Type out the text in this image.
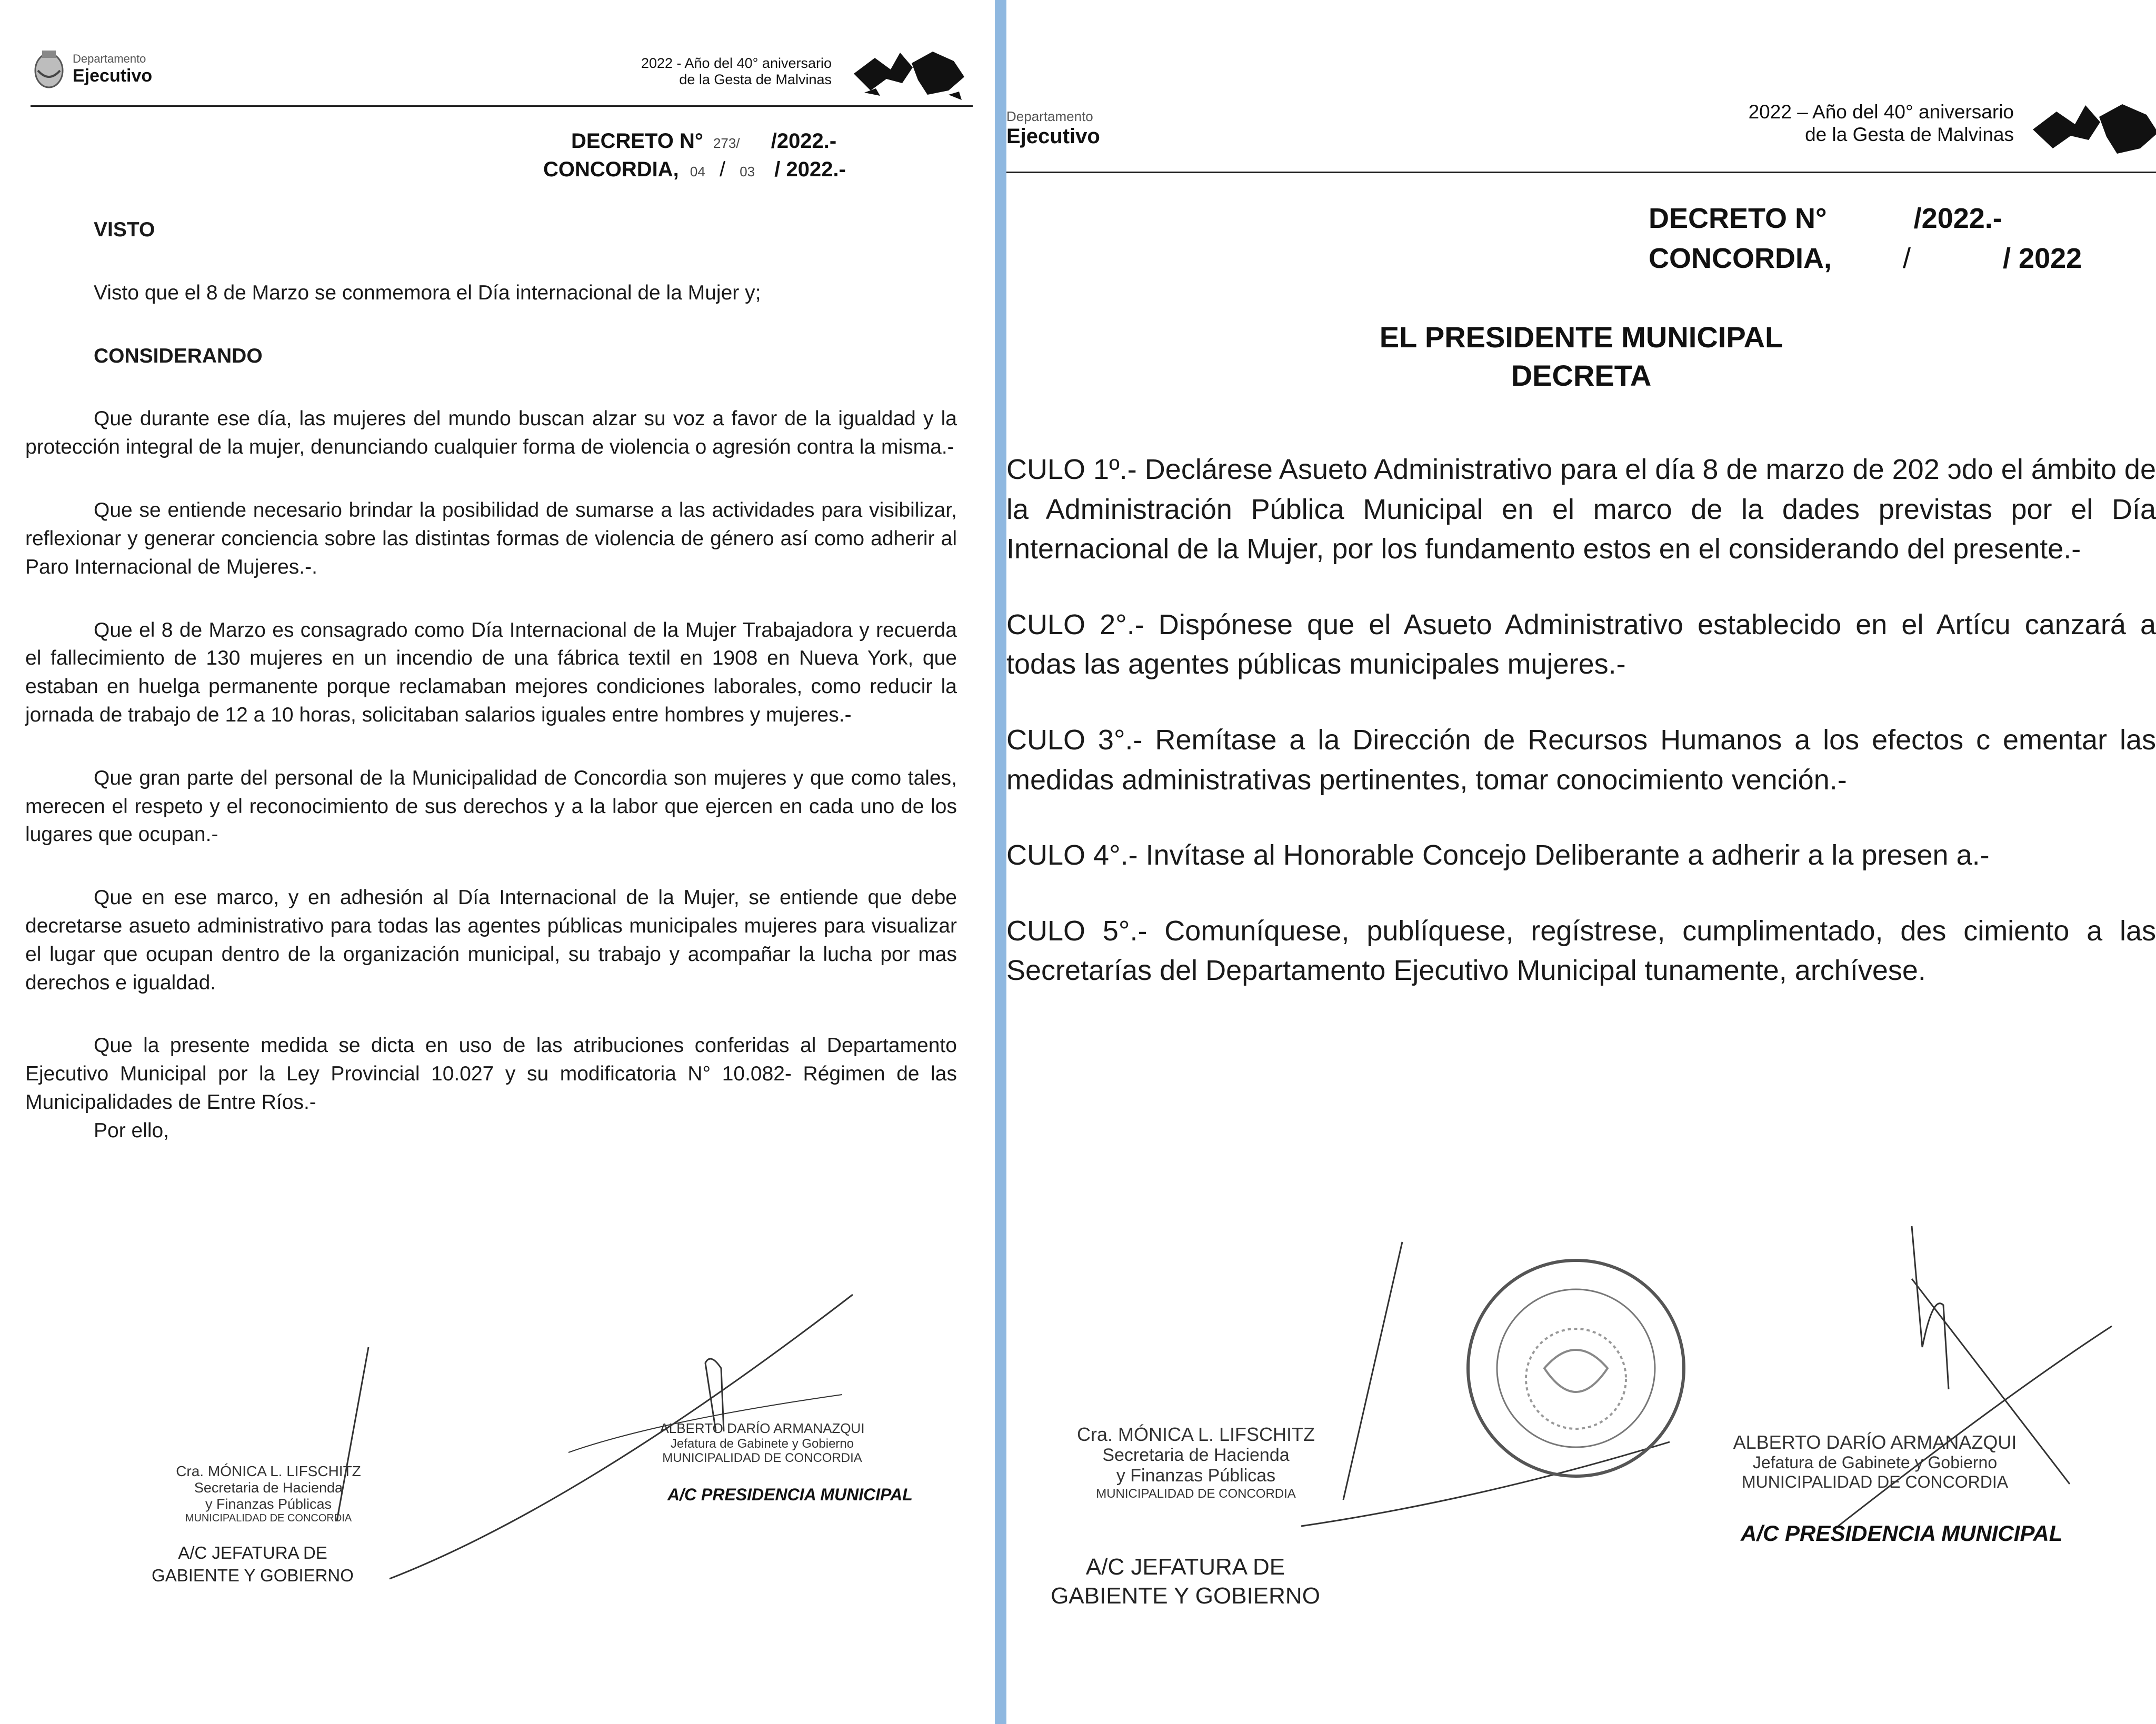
Departamento
Ejecutivo
2022 - Año del 40° aniversario
de la Gesta de Malvinas
DECRETO N° 273/ /2022.-
CONCORDIA, 04 / 03 / 2022.-
VISTO

Visto que el 8 de Marzo se conmemora el Día internacional de la Mujer y;

CONSIDERANDO

Que durante ese día, las mujeres del mundo buscan alzar su voz a favor de la igualdad y la protección integral de la mujer, denunciando cualquier forma de violencia o agresión contra la misma.-

Que se entiende necesario brindar la posibilidad de sumarse a las actividades para visibilizar, reflexionar y generar conciencia sobre las distintas formas de violencia de género así como adherir al Paro Internacional de Mujeres.-.

Que el 8 de Marzo es consagrado como Día Internacional de la Mujer Trabajadora y recuerda el fallecimiento de 130 mujeres en un incendio de una fábrica textil en 1908 en Nueva York, que estaban en huelga permanente porque reclamaban mejores condiciones laborales, como reducir la jornada de trabajo de 12 a 10 horas, solicitaban salarios iguales entre hombres y mujeres.-

Que gran parte del personal de la Municipalidad de Concordia son mujeres y que como tales, merecen el respeto y el reconocimiento de sus derechos y a la labor que ejercen en cada uno de los lugares que ocupan.-

Que en ese marco, y en adhesión al Día Internacional de la Mujer, se entiende que debe decretarse asueto administrativo para todas las agentes públicas municipales mujeres para visualizar el lugar que ocupan dentro de la organización municipal, su trabajo y acompañar la lucha por mas derechos e igualdad.

Que la presente medida se dicta en uso de las atribuciones conferidas al Departamento Ejecutivo Municipal por la Ley Provincial 10.027 y su modificatoria N° 10.082- Régimen de las Municipalidades de Entre Ríos.-

Por ello,
Cra. MÓNICA L. LIFSCHITZ
Secretaria de Hacienda
y Finanzas Públicas
MUNICIPALIDAD DE CONCORDIA
A/C JEFATURA DE
GABIENTE Y GOBIERNO
ALBERTO DARÍO ARMANAZQUI
Jefatura de Gabinete y Gobierno
MUNICIPALIDAD DE CONCORDIA
A/C PRESIDENCIA MUNICIPAL
Departamento
Ejecutivo
2022 – Año del 40° aniversario
de la Gesta de Malvinas
DECRETO N°	/2022.-
CONCORDIA,	/	/ 2022
EL PRESIDENTE MUNICIPAL
DECRETA

CULO 1º.- Declárese Asueto Administrativo para el día 8 de marzo de 202 ɔdo el ámbito de la Administración Pública Municipal en el marco de la dades previstas por el Día Internacional de la Mujer, por los fundamento estos en el considerando del presente.-

CULO 2°.- Dispónese que el Asueto Administrativo establecido en el Artícu canzará a todas las agentes públicas municipales mujeres.-

CULO 3°.- Remítase a la Dirección de Recursos Humanos a los efectos c ementar las medidas administrativas pertinentes, tomar conocimiento vención.-

CULO 4°.- Invítase al Honorable Concejo Deliberante a adherir a la presen a.-

CULO 5°.- Comuníquese, publíquese, regístrese, cumplimentado, des cimiento a las Secretarías del Departamento Ejecutivo Municipal tunamente, archívese.

Cra. MÓNICA L. LIFSCHITZ
Secretaria de Hacienda
y Finanzas Públicas
MUNICIPALIDAD DE CONCORDIA
A/C JEFATURA DE
GABIENTE Y GOBIERNO
ALBERTO DARÍO ARMANAZQUI
Jefatura de Gabinete y Gobierno
MUNICIPALIDAD DE CONCORDIA
A/C PRESIDENCIA MUNICIPAL
